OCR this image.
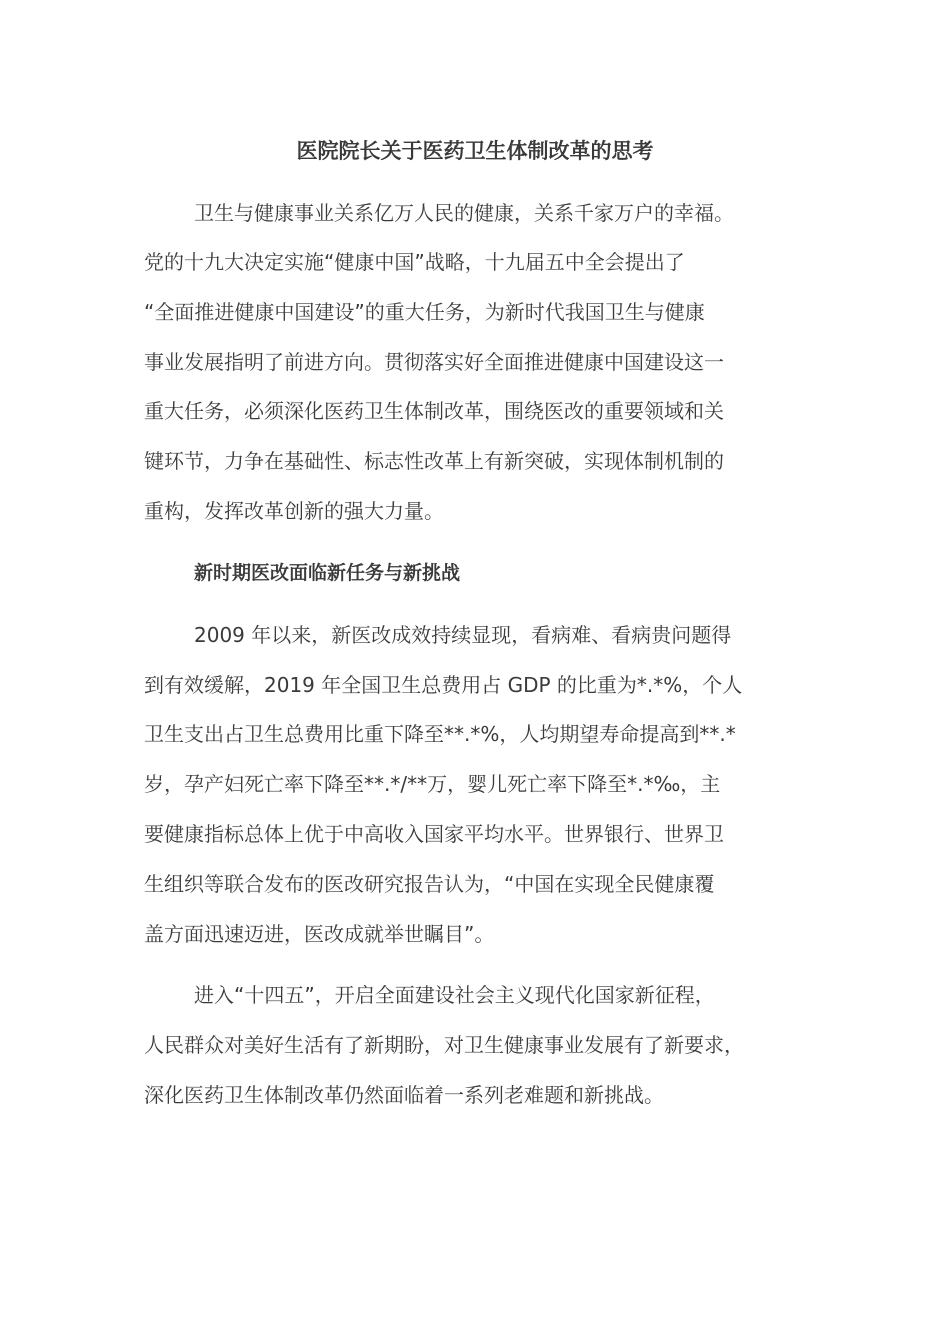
医院院长关于医药卫生体制改革的思考

卫生与健康事业关系亿万人民的健康，关系千家万户的幸福。

党的十九大决定实施“健康中国”战略，十九届五中全会提出了

“全面推进健康中国建设”的重大任务，为新时代我国卫生与健康

事业发展指明了前进方向。贯彻落实好全面推进健康中国建设这一

重大任务，必须深化医药卫生体制改革，围绕医改的重要领域和关

键环节，力争在基础性、标志性改革上有新突破，实现体制机制的

重构，发挥改革创新的强大力量。

新时期医改面临新任务与新挑战

2009 年以来，新医改成效持续显现，看病难、看病贵问题得

到有效缓解，2019 年全国卫生总费用占 GDP 的比重为*.*%，个人

卫生支出占卫生总费用比重下降至**.*%，人均期望寿命提高到**.*

岁，孕产妇死亡率下降至**.*/**万，婴儿死亡率下降至*.*‰，主

要健康指标总体上优于中高收入国家平均水平。世界银行、世界卫

生组织等联合发布的医改研究报告认为，“中国在实现全民健康覆

盖方面迅速迈进，医改成就举世瞩目”。

进入“十四五”，开启全面建设社会主义现代化国家新征程，

人民群众对美好生活有了新期盼，对卫生健康事业发展有了新要求，

深化医药卫生体制改革仍然面临着一系列老难题和新挑战。
